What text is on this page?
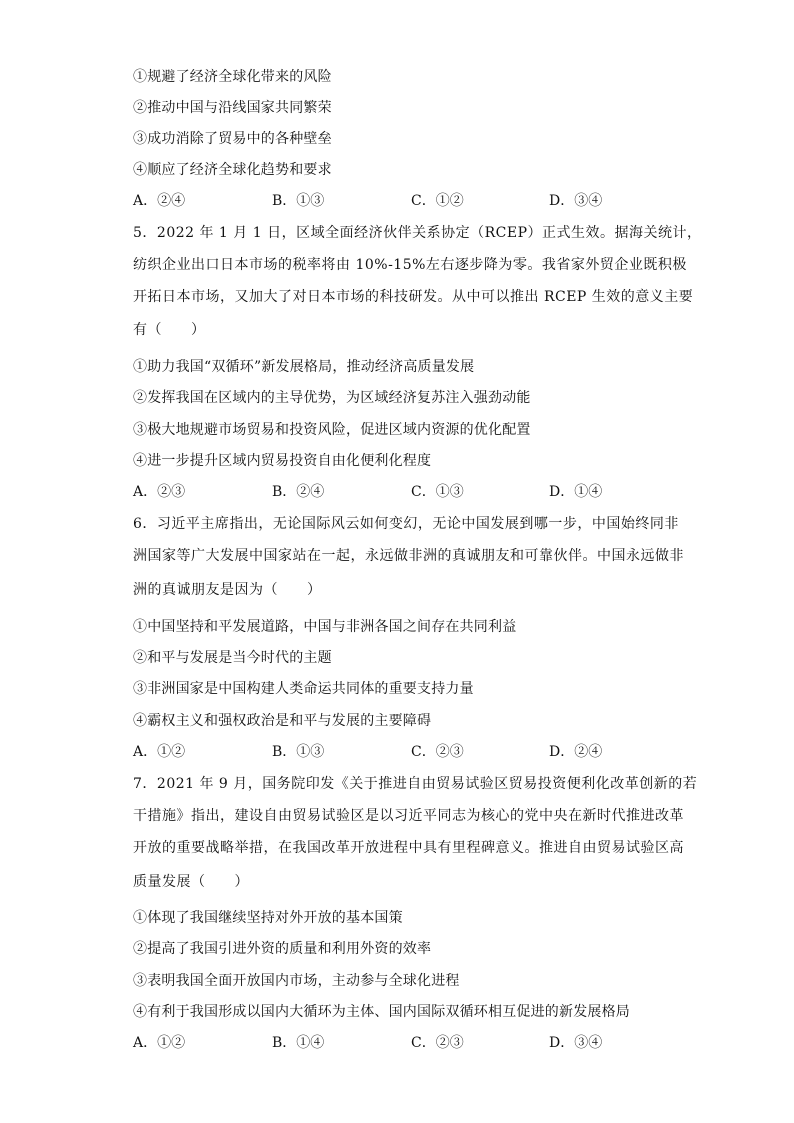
①规避了经济全球化带来的风险
②推动中国与沿线国家共同繁荣
③成功消除了贸易中的各种壁垒
④顺应了经济全球化趋势和要求
A．②④	B．①③	C．①②	D．③④
5．2022 年 1 月 1 日，区域全面经济伙伴关系协定（RCEP）正式生效。据海关统计，
纺织企业出口日本市场的税率将由 10%-15%左右逐步降为零。我省家外贸企业既积极
开拓日本市场，又加大了对日本市场的科技研发。从中可以推出 RCEP 生效的意义主要
有（　　）
①助力我国“双循环”新发展格局，推动经济高质量发展
②发挥我国在区域内的主导优势，为区域经济复苏注入强劲动能
③极大地规避市场贸易和投资风险，促进区域内资源的优化配置
④进一步提升区域内贸易投资自由化便利化程度
A．②③	B．②④	C．①③	D．①④
6．习近平主席指出，无论国际风云如何变幻，无论中国发展到哪一步，中国始终同非
洲国家等广大发展中国家站在一起，永远做非洲的真诚朋友和可靠伙伴。中国永远做非
洲的真诚朋友是因为（　　）
①中国坚持和平发展道路，中国与非洲各国之间存在共同利益
②和平与发展是当今时代的主题
③非洲国家是中国构建人类命运共同体的重要支持力量
④霸权主义和强权政治是和平与发展的主要障碍
A．①②	B．①③	C．②③	D．②④
7．2021 年 9 月，国务院印发《关于推进自由贸易试验区贸易投资便利化改革创新的若
干措施》指出，建设自由贸易试验区是以习近平同志为核心的党中央在新时代推进改革
开放的重要战略举措，在我国改革开放进程中具有里程碑意义。推进自由贸易试验区高
质量发展（　　）
①体现了我国继续坚持对外开放的基本国策
②提高了我国引进外资的质量和利用外资的效率
③表明我国全面开放国内市场，主动参与全球化进程
④有利于我国形成以国内大循环为主体、国内国际双循环相互促进的新发展格局
A．①②	B．①④	C．②③	D．③④
